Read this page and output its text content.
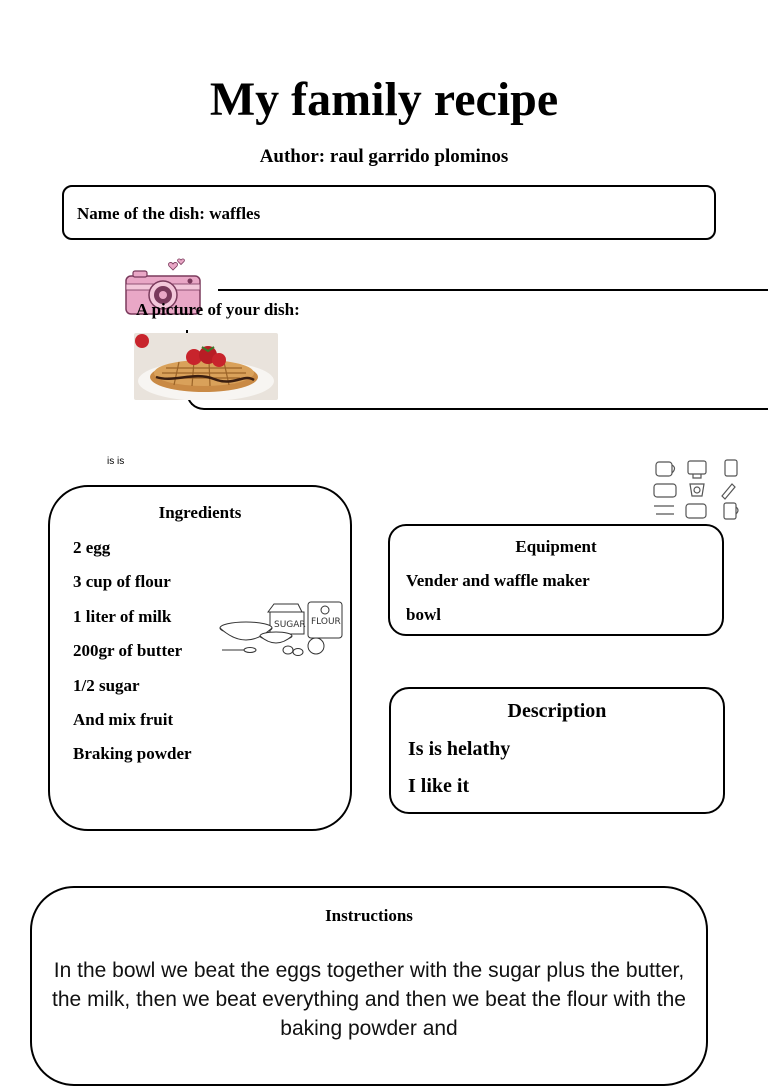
My family recipe
Author: raul garrido plominos
Name of the dish: waffles
A picture of your dish:
is is
Ingredients
2 egg
3 cup of flour
1 liter of milk
200gr of butter
1/2 sugar
And mix fruit
Braking powder
SUGAR FLOUR
Equipment
Vender and waffle maker
bowl
Description
Is is helathy
I like it
Instructions
In the bowl we beat the eggs together with the sugar plus the butter, the milk, then we beat everything and then we beat the flour with the baking powder and
